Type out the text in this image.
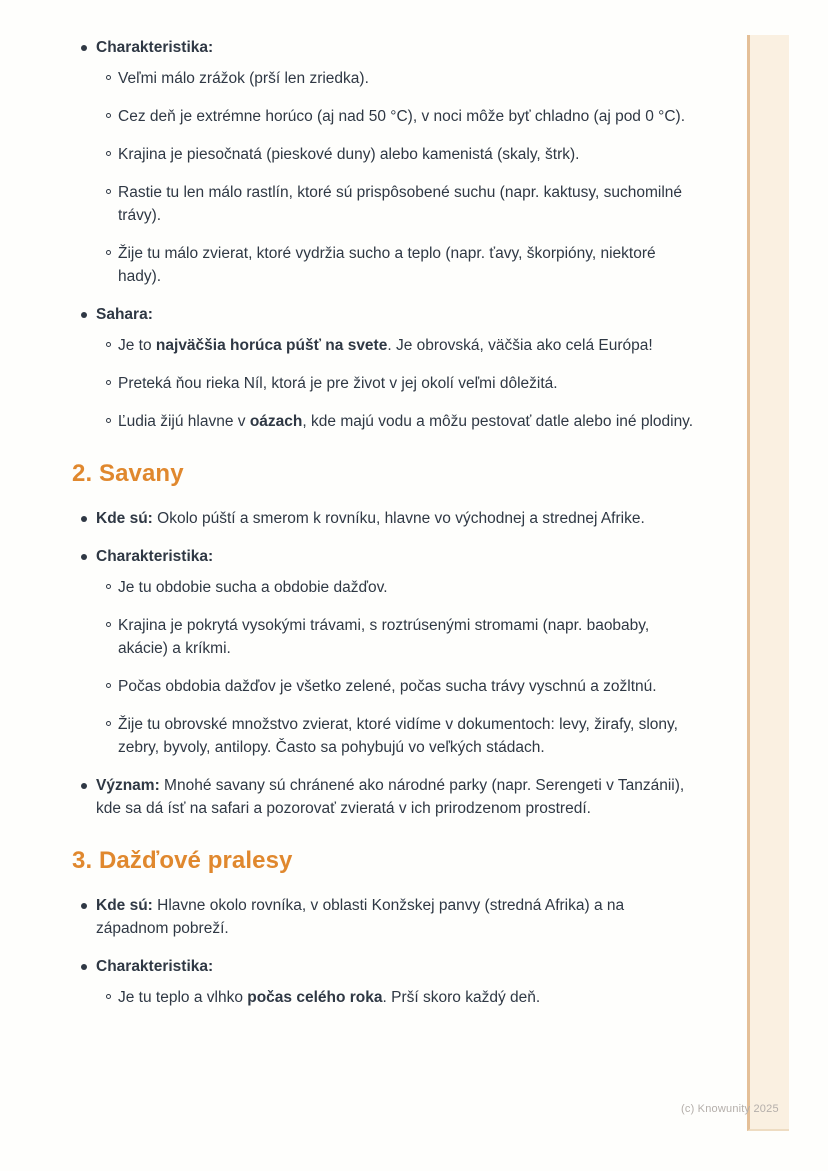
Charakteristika:
Veľmi málo zrážok (prší len zriedka).
Cez deň je extrémne horúco (aj nad 50 °C), v noci môže byť chladno (aj pod 0 °C).
Krajina je piesočnatá (pieskové duny) alebo kamenistá (skaly, štrk).
Rastie tu len málo rastlín, ktoré sú prispôsobené suchu (napr. kaktusy, suchomilné trávy).
Žije tu málo zvierat, ktoré vydržia sucho a teplo (napr. ťavy, škorpióny, niektoré hady).
Sahara:
Je to najväčšia horúca púšť na svete. Je obrovská, väčšia ako celá Európa!
Preteká ňou rieka Níl, ktorá je pre život v jej okolí veľmi dôležitá.
Ľudia žijú hlavne v oázach, kde majú vodu a môžu pestovať datle alebo iné plodiny.
2. Savany
Kde sú: Okolo púští a smerom k rovníku, hlavne vo východnej a strednej Afrike.
Charakteristika:
Je tu obdobie sucha a obdobie dažďov.
Krajina je pokrytá vysokými trávami, s roztrúsenými stromami (napr. baobaby, akácie) a kríkmi.
Počas obdobia dažďov je všetko zelené, počas sucha trávy vyschnú a zožltnú.
Žije tu obrovské množstvo zvierat, ktoré vidíme v dokumentoch: levy, žirafy, slony, zebry, byvoly, antilopy. Často sa pohybujú vo veľkých stádach.
Význam: Mnohé savany sú chránené ako národné parky (napr. Serengeti v Tanzánii), kde sa dá ísť na safari a pozorovať zvieratá v ich prirodzenom prostredí.
3. Dažďové pralesy
Kde sú: Hlavne okolo rovníka, v oblasti Konžskej panvy (stredná Afrika) a na západnom pobreží.
Charakteristika:
Je tu teplo a vlhko počas celého roka. Prší skoro každý deň.
(c) Knowunity 2025
